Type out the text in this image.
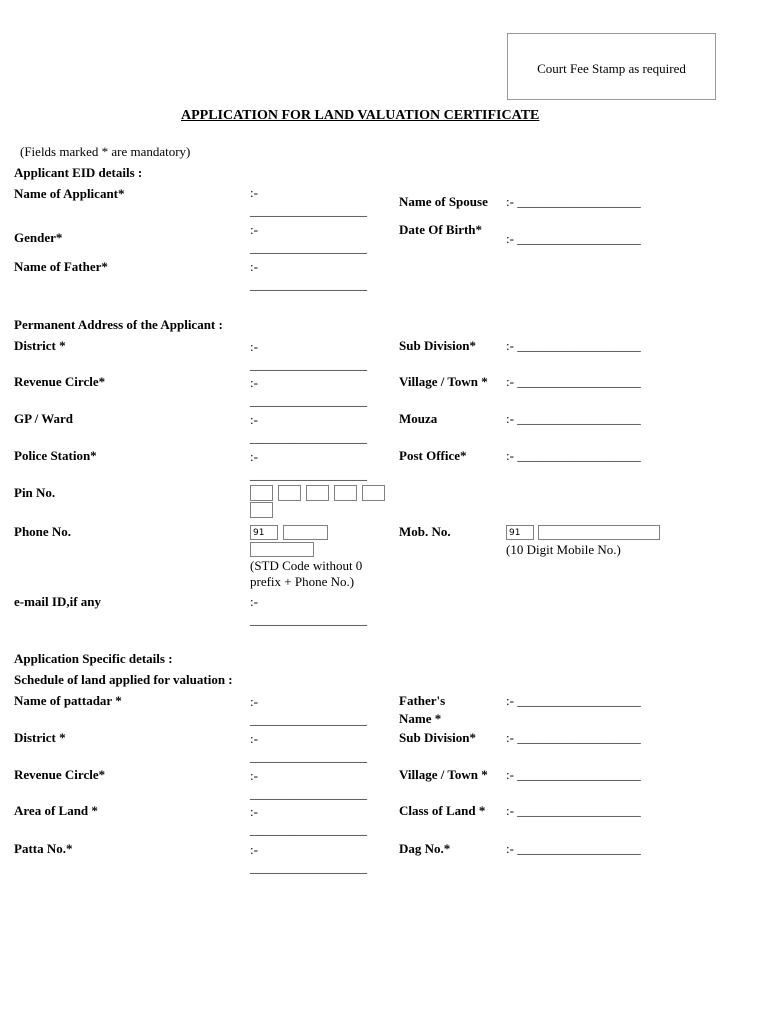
Court Fee Stamp as required
APPLICATION FOR LAND VALUATION CERTIFICATE
(Fields marked * are mandatory)
Applicant EID details :
Name of Applicant*	:-
__________________
Name of Spouse :- ___________________
Gender*
:-
__________________
Date Of Birth*
:- ___________________
Name of Father*	:-
__________________
Permanent Address of the Applicant :
District *	:-
__________________
Sub Division* :- ___________________
Revenue Circle*	:-
__________________
Village / Town * :- ___________________
GP / Ward	:-
__________________
Mouza	:- ___________________
Police Station*	:-
__________________
Post Office*	:- ___________________
Pin No.
Phone No.	91
(STD Code without 0
prefix + Phone No.)
Mob. No.	91
(10 Digit Mobile No.)
e-mail ID,if any	:-
__________________
Application Specific details :
Schedule of land applied for valuation :
Name of pattadar *	:-
__________________
Father's
Name *
:- ___________________
District *	:-
__________________
Sub Division* :- ___________________
Revenue Circle*	:-
__________________
Village / Town * :- ___________________
Area of Land *	:-
__________________
Class of Land * :- ___________________
Patta No.*	:-
__________________
Dag No.*	:- ___________________
